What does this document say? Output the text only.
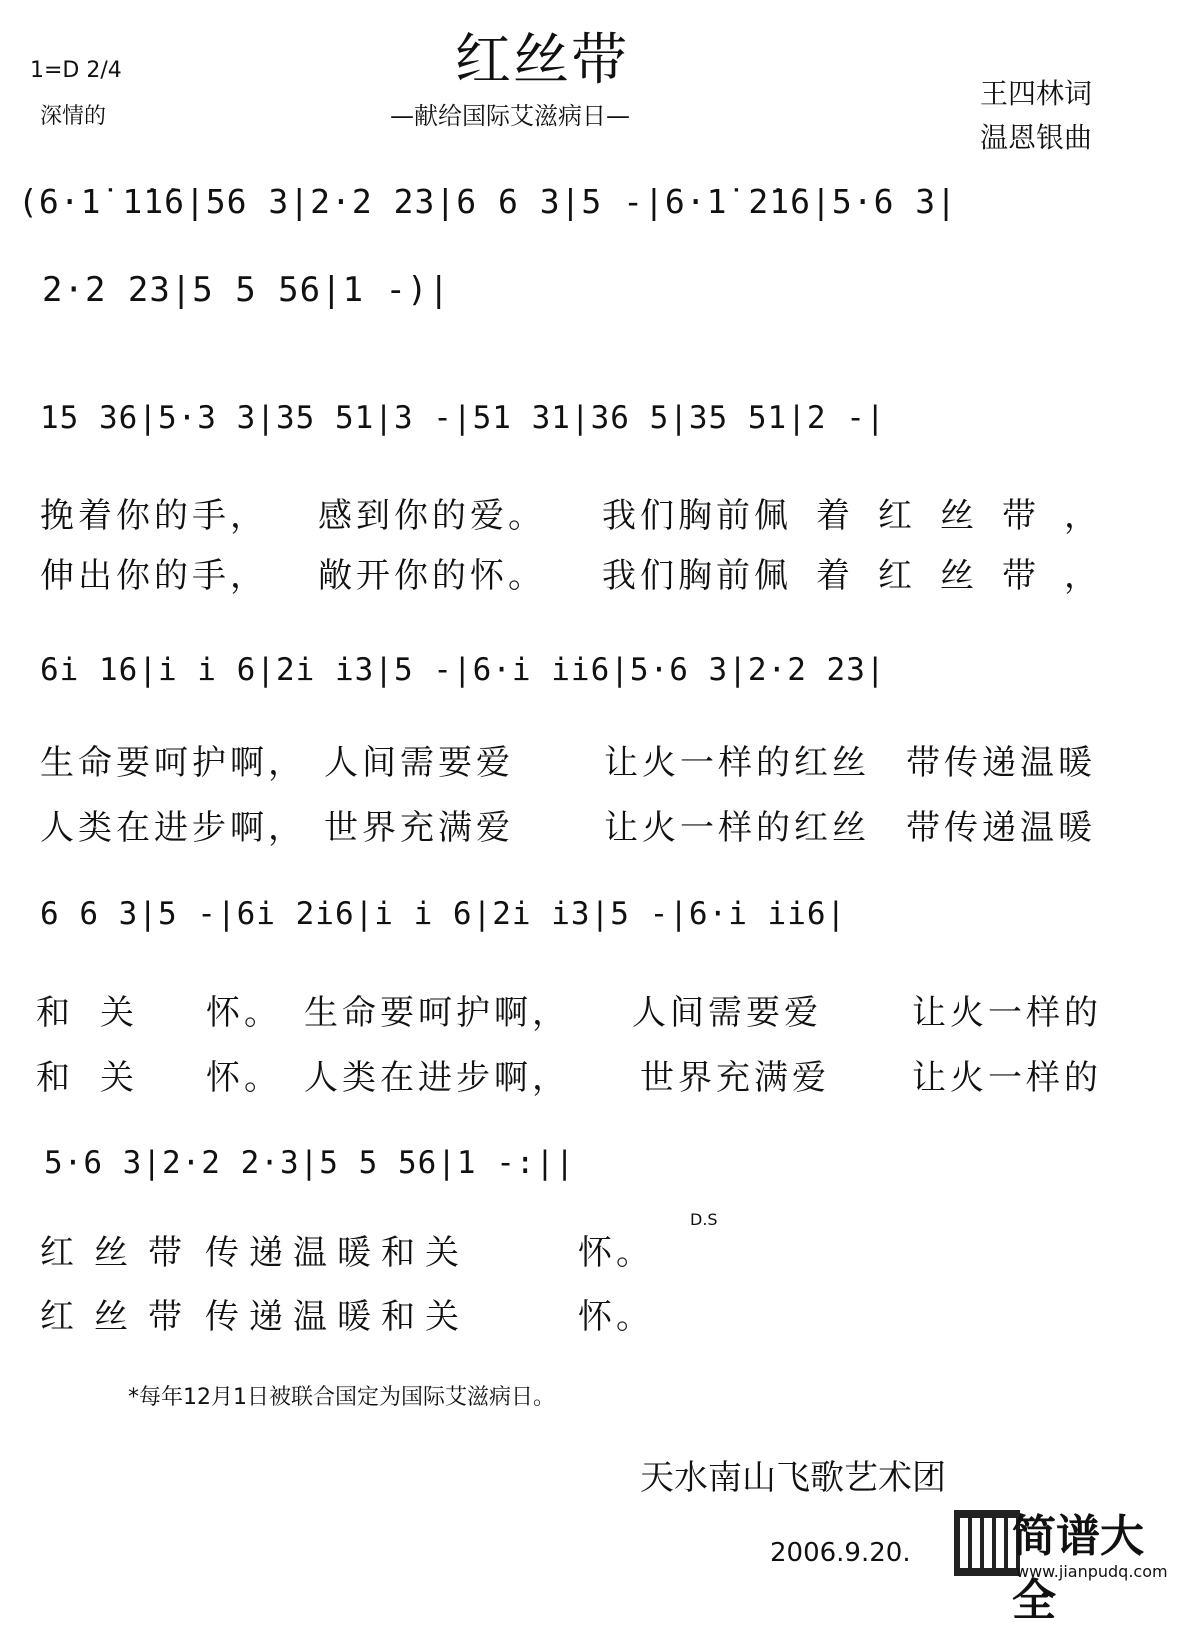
1=D 2/4
深情的
红丝带
—献给国际艾滋病日—
王四林词
温恩银曲
(6·1̇ 1̇1̇6|56 3|2·2 23|6 6 3|5 -|6·1̇ 2̇1̇6|5·6 3|
2·2 23|5 5 56|1 -)|
15 36|5·3 3|35 51|3 -|51 31|36 5|35 51|2 -|
挽着你的手， 感到你的爱。 我们胸前佩 着红丝带，
伸出你的手， 敞开你的怀。 我们胸前佩 着红丝带，
6i 16|i i 6|2i i3|5 -|6·i ii6|5·6 3|2·2 23|
生命要呵护啊， 人间需要爱	让火一样的红丝 带传递温暖
人类在进步啊， 世界充满爱	让火一样的红丝 带传递温暖
6 6 3|5 -|6i 2i6|i i 6|2i i3|5 -|6·i ii6|
和关 怀。 生命要呵护啊， 人间需要爱	让火一样的
和关 怀。 人类在进步啊， 世界充满爱 让火一样的
5·6 3|2·2 2·3|5 5 56|1 -:||
D.S
红丝带 传递温暖和关	怀。
红丝带 传递温暖和关	怀。
*每年12月1日被联合国定为国际艾滋病日。
天水南山飞歌艺术团
2006.9.20. 简谱大全
www.jianpudq.com
